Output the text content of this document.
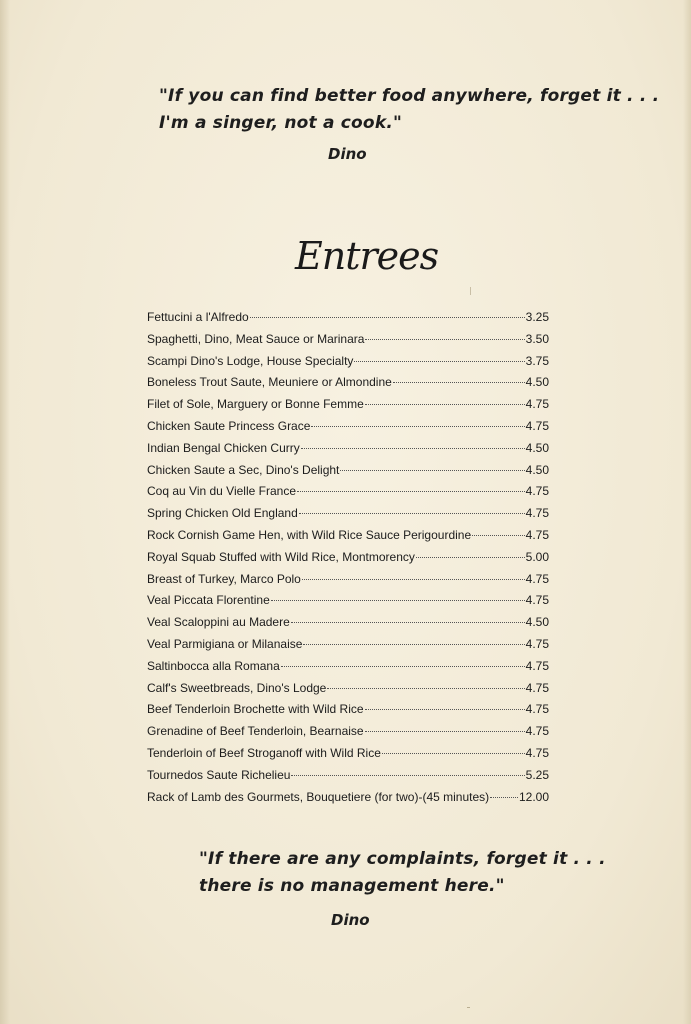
"If you can find better food anywhere, forget it . . .
I'm a singer, not a cook."
Dino
Entrees
Fettucini a l'Alfredo	3.25
Spaghetti, Dino, Meat Sauce or Marinara	3.50
Scampi Dino's Lodge, House Specialty	3.75
Boneless Trout Saute, Meuniere or Almondine	4.50
Filet of Sole, Marguery or Bonne Femme	4.75
Chicken Saute Princess Grace	4.75
Indian Bengal Chicken Curry	4.50
Chicken Saute a Sec, Dino's Delight	4.50
Coq au Vin du Vielle France	4.75
Spring Chicken Old England	4.75
Rock Cornish Game Hen, with Wild Rice Sauce Perigourdine	4.75
Royal Squab Stuffed with Wild Rice, Montmorency	5.00
Breast of Turkey, Marco Polo	4.75
Veal Piccata Florentine	4.75
Veal Scaloppini au Madere	4.50
Veal Parmigiana or Milanaise	4.75
Saltinbocca alla Romana	4.75
Calf's Sweetbreads, Dino's Lodge	4.75
Beef Tenderloin Brochette with Wild Rice	4.75
Grenadine of Beef Tenderloin, Bearnaise	4.75
Tenderloin of Beef Stroganoff with Wild Rice	4.75
Tournedos Saute Richelieu	5.25
Rack of Lamb des Gourmets, Bouquetiere (for two)-(45 minutes) 12.00
"If there are any complaints, forget it . . .
there is no management here."
Dino
